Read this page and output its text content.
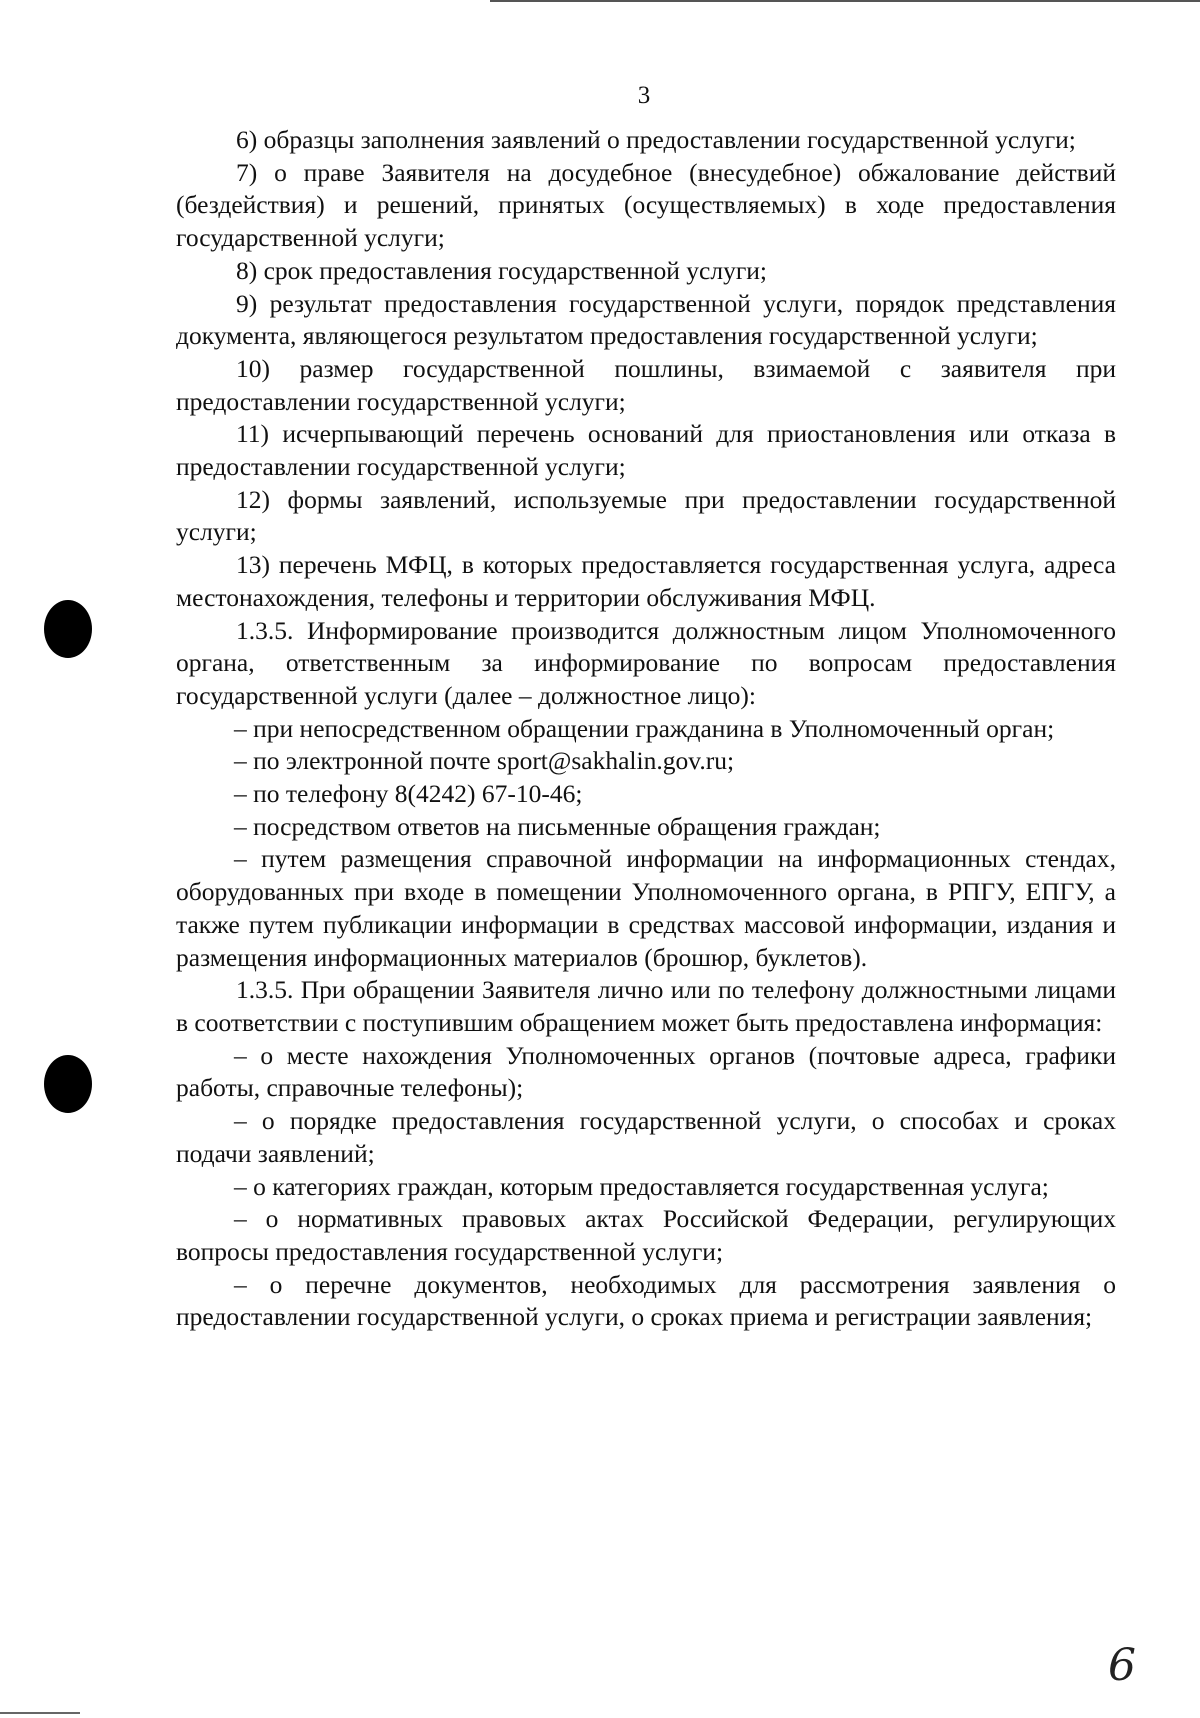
3

6) образцы заполнения заявлений о предоставлении государственной услуги;

7) о праве Заявителя на досудебное (внесудебное) обжалование действий (бездействия) и решений, принятых (осуществляемых) в ходе предоставления государственной услуги;

8) срок предоставления государственной услуги;

9) результат предоставления государственной услуги, порядок представления документа, являющегося результатом предоставления государственной услуги;

10) размер государственной пошлины, взимаемой с заявителя при предоставлении государственной услуги;

11) исчерпывающий перечень оснований для приостановления или отказа в предоставлении государственной услуги;

12) формы заявлений, используемые при предоставлении государственной услуги;

13) перечень МФЦ, в которых предоставляется государственная услуга, адреса местонахождения, телефоны и территории обслуживания МФЦ.

1.3.5. Информирование производится должностным лицом Уполномоченного органа, ответственным за информирование по вопросам предоставления государственной услуги (далее – должностное лицо):

– при непосредственном обращении гражданина в Уполномоченный орган;

– по электронной почте sport@sakhalin.gov.ru;

– по телефону 8(4242) 67-10-46;

– посредством ответов на письменные обращения граждан;

– путем размещения справочной информации на информационных стендах, оборудованных при входе в помещении Уполномоченного органа, в РПГУ, ЕПГУ, а также путем публикации информации в средствах массовой информации, издания и размещения информационных материалов (брошюр, буклетов).

1.3.5. При обращении Заявителя лично или по телефону должностными лицами в соответствии с поступившим обращением может быть предоставлена информация:

– о месте нахождения Уполномоченных органов (почтовые адреса, графики работы, справочные телефоны);

– о порядке предоставления государственной услуги, о способах и сроках подачи заявлений;

– о категориях граждан, которым предоставляется государственная услуга;

– о нормативных правовых актах Российской Федерации, регулирующих вопросы предоставления государственной услуги;

– о перечне документов, необходимых для рассмотрения заявления о предоставлении государственной услуги, о сроках приема и регистрации заявления;

6
